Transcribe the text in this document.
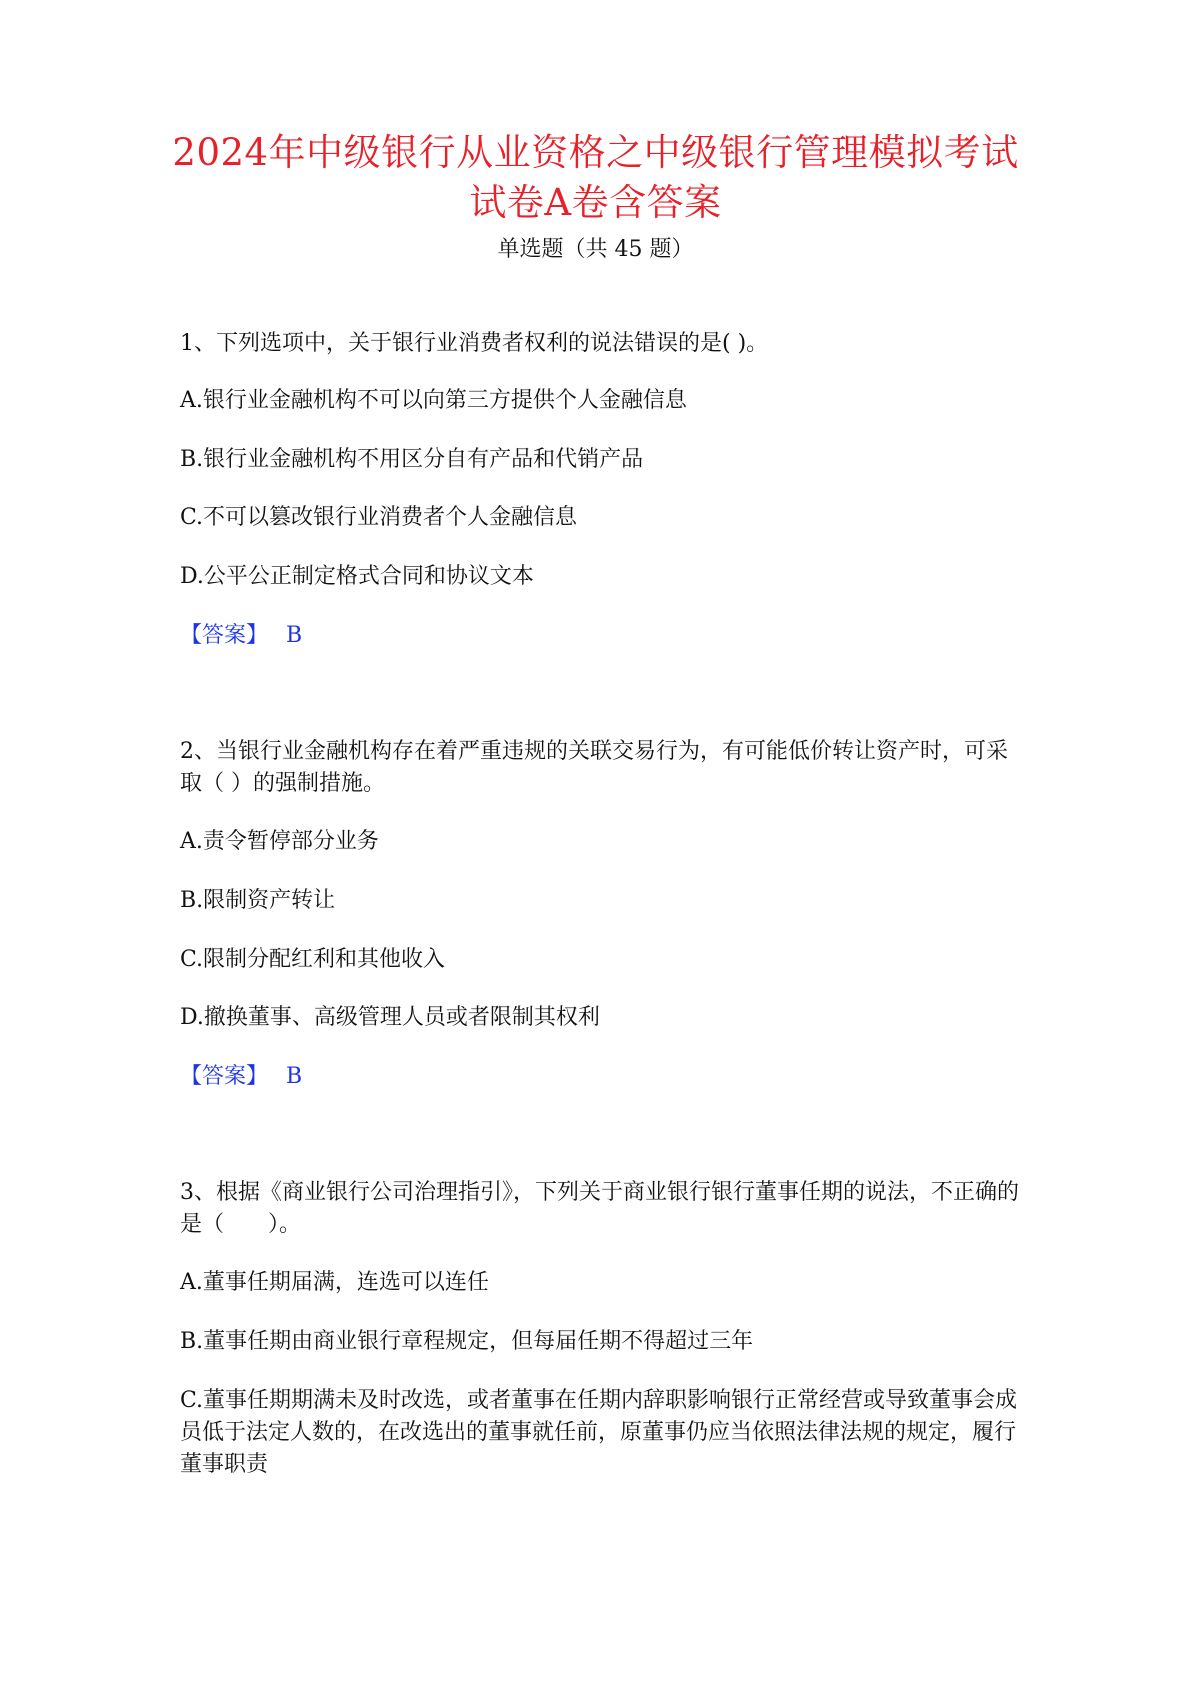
2024年中级银行从业资格之中级银行管理模拟考试
试卷A卷含答案
单选题（共 45 题）
1、下列选项中，关于银行业消费者权利的说法错误的是( )。
A.银行业金融机构不可以向第三方提供个人金融信息
B.银行业金融机构不用区分自有产品和代销产品
C.不可以篡改银行业消费者个人金融信息
D.公平公正制定格式合同和协议文本
【答案】 B
2、当银行业金融机构存在着严重违规的关联交易行为，有可能低价转让资产时，可采取（ ）的强制措施。
A.责令暂停部分业务
B.限制资产转让
C.限制分配红利和其他收入
D.撤换董事、高级管理人员或者限制其权利
【答案】 B
3、根据《商业银行公司治理指引》，下列关于商业银行银行董事任期的说法，不正确的是（　　）。
A.董事任期届满，连选可以连任
B.董事任期由商业银行章程规定，但每届任期不得超过三年
C.董事任期期满未及时改选，或者董事在任期内辞职影响银行正常经营或导致董事会成员低于法定人数的，在改选出的董事就任前，原董事仍应当依照法律法规的规定，履行董事职责
